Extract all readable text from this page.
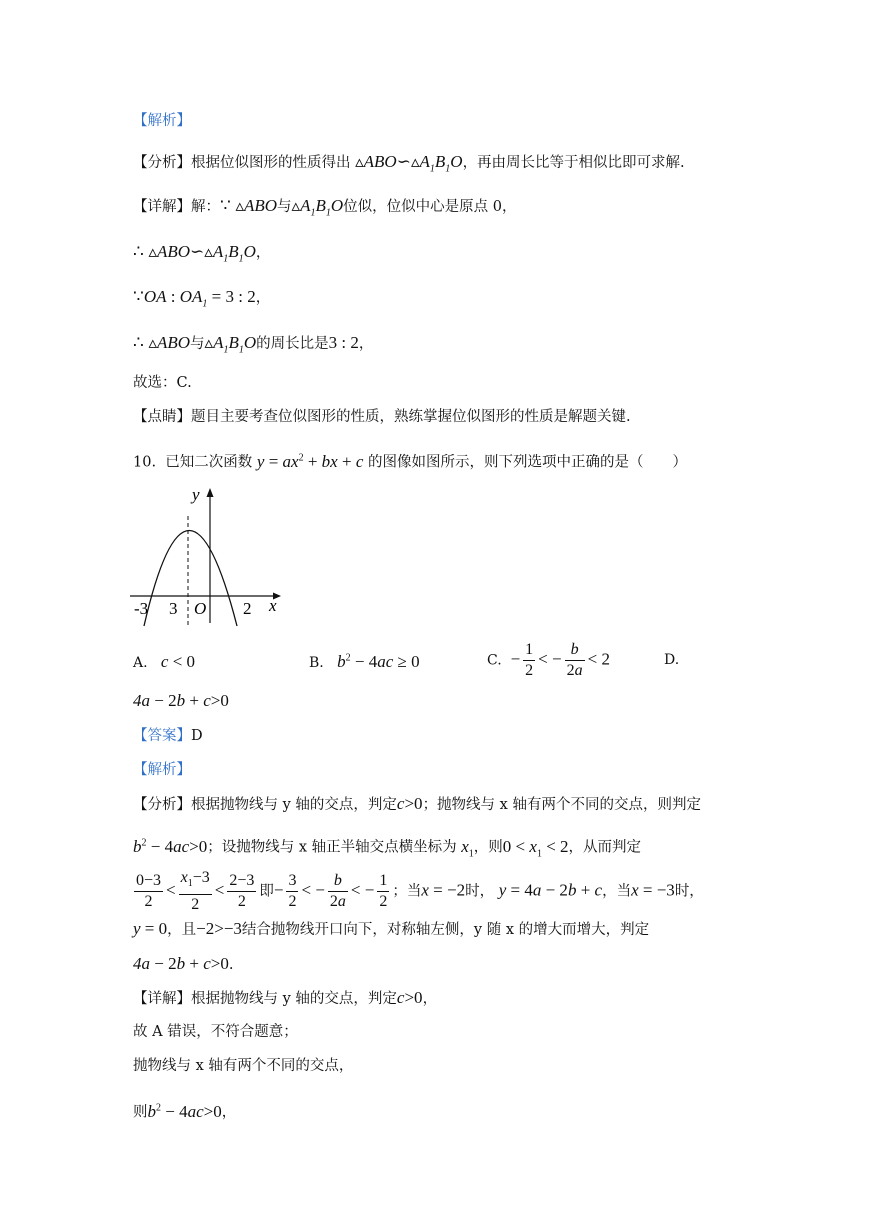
【解析】
【分析】根据位似图形的性质得出 $▵ABO∽▵A_1B_1O$，再由周长比等于相似比即可求解.
【详解】解：∵ ▵ABO与$▵A_1B_1O$位似，位似中心是原点 0，
∴ $▵ABO∽▵A_1B_1O$，
∵OA : $OA_1 = 3$ : 2，
∴ ▵ABO与$▵A_1B_1O$的周长比是3 : 2，
故选：C.
【点睛】题目主要考查位似图形的性质，熟练掌握位似图形的性质是解题关键.
10. 已知二次函数 $y = ax^2$ + bx + c 的图像如图所示，则下列选项中正确的是（　　）
y
x
O
-3 3	2
A. c < 0	B. $b^2 - 4ac \ge 0$	C. − $\frac{1}{2}$ < − $\frac{b}{2a} < 2$	D.
4a − 2b + c>0
【答案】D
【解析】
【分析】根据抛物线与 y 轴的交点，判定c>0；抛物线与 x 轴有两个不同的交点，则判定
$b^2 - 4ac>0$；设抛物线与 x 轴正半轴交点横坐标为 $x_1$，则$0 < x_1 < 2$，从而判定
$\frac{0-3}{2} < \frac{x_1-3}{2} < \frac{2-3}{2}$ 即− $\frac{3}{2}$ < − $\frac{b}{2a}$ < − $\frac{1}{2}$ ；当x = −2时， y = 4a − 2b + c，当x = −3时，
y = 0，且−2>−3结合抛物线开口向下，对称轴左侧，y 随 x 的增大而增大，判定
4a − 2b + c>0.
【详解】根据抛物线与 y 轴的交点，判定c>0，
故 A 错误，不符合题意；
抛物线与 x 轴有两个不同的交点，
则$b^2 - 4ac>0$，
